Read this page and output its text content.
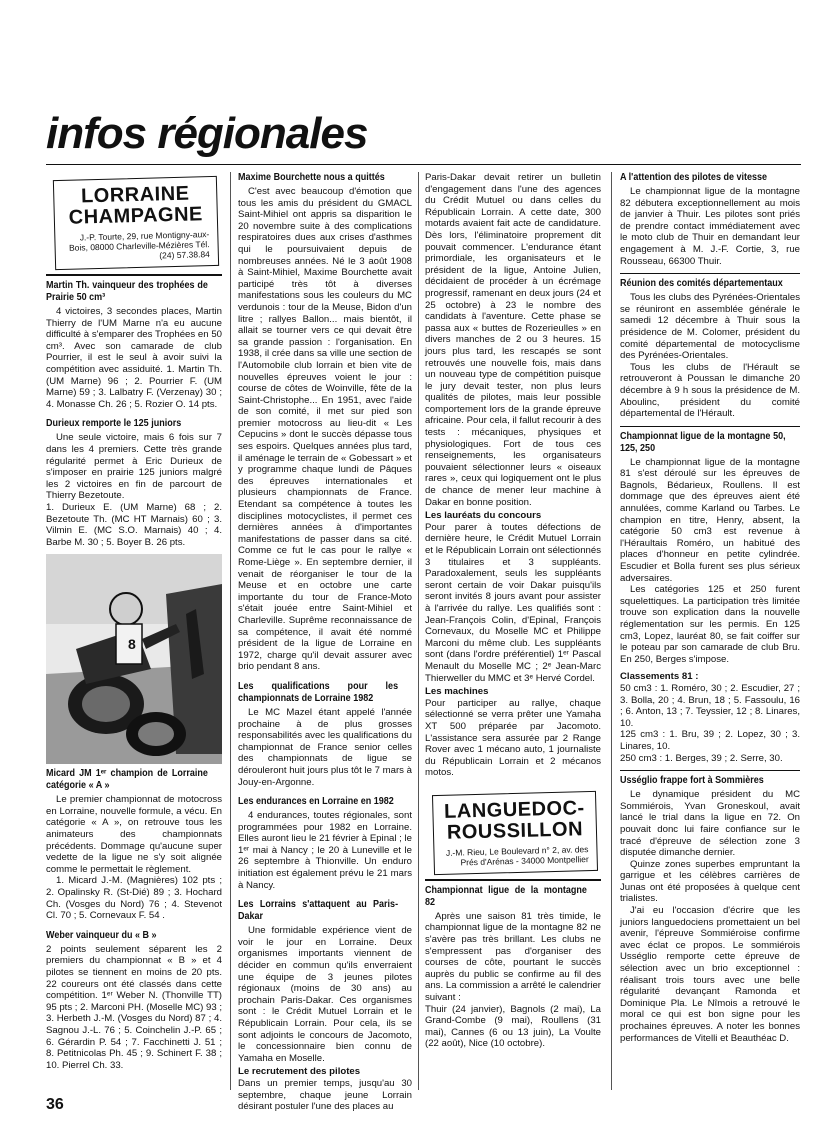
infos régionales
LORRAINE
CHAMPAGNE
J.-P. Tourte, 29, rue Montigny-aux-Bois, 08000 Charleville-Mézières Tél. (24) 57.38.84
Martin Th. vainqueur des trophées de Prairie 50 cm³

4 victoires, 3 secondes places, Martin Thierry de l'UM Marne n'a eu aucune difficulté à s'emparer des Trophées en 50 cm³. Avec son camarade de club Pourrier, il est le seul à avoir suivi la compétition avec assiduité. 1. Martin Th. (UM Marne) 96 ; 2. Pourrier F. (UM Marne) 59 ; 3. Lalbatry F. (Verzenay) 30 ; 4. Monasse Ch. 26 ; 5. Rozier O. 14 pts.

Durieux remporte le 125 juniors

Une seule victoire, mais 6 fois sur 7 dans les 4 premiers. Cette très grande régularité permet à Eric Durieux de s'imposer en prairie 125 juniors malgré les 2 victoires en fin de parcourt de Thierry Bezetoute.

1. Durieux E. (UM Marne) 68 ; 2. Bezetoute Th. (MC HT Marnais) 60 ; 3. Vilmin E. (MC S.O. Marnais) 40 ; 4. Barbe M. 30 ; 5. Boyer B. 26 pts.

8
Micard JM 1ᵉʳ champion de Lorraine catégorie « A »

Le premier championnat de motocross en Lorraine, nouvelle formule, a vécu. En catégorie « A », on retrouve tous les animateurs des championnats précédents. Dommage qu'aucune super vedette de la ligue ne s'y soit alignée comme le permettait le règlement.

1. Micard J.-M. (Magnières) 102 pts ; 2. Opalinsky R. (St-Dié) 89 ; 3. Hochard Ch. (Vosges du Nord) 76 ; 4. Stevenot Cl. 70 ; 5. Cornevaux F. 54 .

Weber vainqueur du « B »

2 points seulement séparent les 2 premiers du championnat « B » et 4 pilotes se tiennent en moins de 20 pts. 22 coureurs ont été classés dans cette compétition. 1ᵉʳ Weber N. (Thonville TT) 95 pts ; 2. Marconi PH. (Moselle MC) 93 ; 3. Herbeth J.-M. (Vosges du Nord) 87 ; 4. Sagnou J.-L. 76 ; 5. Coinchelin J.-P. 65 ; 6. Gérardin P. 54 ; 7. Facchinetti J. 51 ; 8. Petitnicolas Ph. 45 ; 9. Schinert F. 38 ; 10. Pierrel Ch. 33.

Maxime Bourchette nous a quittés

C'est avec beaucoup d'émotion que tous les amis du président du GMACL Saint-Mihiel ont appris sa disparition le 20 novembre suite à des complications respiratoires dues aux crises d'asthmes qui le poursuivaient depuis de nombreuses années. Né le 3 août 1908 à Saint-Mihiel, Maxime Bourchette avait participé très tôt à diverses manifestations sous les couleurs du MC verdunois : tour de la Meuse, Bidon d'un litre ; rallyes Ballon... mais bientôt, il allait se tourner vers ce qui devait être sa grande passion : l'organisation. En 1938, il crée dans sa ville une section de l'Automobile club lorrain et bien vite de nouvelles épreuves voient le jour : course de côtes de Woinville, fête de la Saint-Christophe... En 1951, avec l'aide de son comité, il met sur pied son premier motocross au lieu-dit « Les Cepucins » dont le succès dépasse tous ses espoirs. Quelques années plus tard, il aménage le terrain de « Gobessart » et y programme chaque lundi de Pâques des épreuves internationales et plusieurs championnats de France. Etendant sa compétence à toutes les disciplines motocyclistes, il permet ces dernières années à d'importantes manifestations de passer dans sa cité. Comme ce fut le cas pour le rallye « Rome-Liège ». En septembre dernier, il venait de réorganiser le tour de la Meuse et en octobre une carte importante du tour de France-Moto s'était jouée entre Saint-Mihiel et Charleville. Suprême reconnaissance de sa compétence, il avait été nommé président de la ligue de Lorraine en 1972, charge qu'il devait assurer avec brio pendant 8 ans.

Les qualifications pour les championnats de Lorraine 1982

Le MC Mazel étant appelé l'année prochaine à de plus grosses responsabilités avec les qualifications du championnat de France senior celles des championnats de ligue se dérouleront huit jours plus tôt le 7 mars à Jouy-en-Argonne.

Les endurances en Lorraine en 1982

4 endurances, toutes régionales, sont programmées pour 1982 en Lorraine. Elles auront lieu le 21 février à Epinal ; le 1ᵉʳ mai à Nancy ; le 20 à Luneville et le 26 septembre à Thionville. Un enduro initiation est également prévu le 21 mars à Nancy.

Les Lorrains s'attaquent au Paris-Dakar

Une formidable expérience vient de voir le jour en Lorraine. Deux organismes importants viennent de décider en commun qu'ils enverraient une équipe de 3 jeunes pilotes régionaux (moins de 30 ans) au prochain Paris-Dakar. Ces organismes sont : le Crédit Mutuel Lorrain et le Républicain Lorrain. Pour cela, ils se sont adjoints le concours de Jacomoto, le concessionnaire bien connu de Yamaha en Moselle.

Le recrutement des pilotes

Dans un premier temps, jusqu'au 30 septembre, chaque jeune Lorrain désirant postuler l'une des places au

Paris-Dakar devait retirer un bulletin d'engagement dans l'une des agences du Crédit Mutuel ou dans celles du Républicain Lorrain. A cette date, 300 motards avaient fait acte de candidature. Dès lors, l'éliminatoire proprement dit pouvait commencer. L'endurance étant primordiale, les organisateurs et le président de la ligue, Antoine Julien, décidaient de procéder à un écrémage progressif, ramenant en deux jours (24 et 25 octobre) à 23 le nombre des candidats à l'aventure. Cette phase se passa aux « buttes de Rozerieulles » en divers manches de 2 ou 3 heures. 15 jours plus tard, les rescapés se sont retrouvés une nouvelle fois, mais dans un nouveau type de compétition puisque le jury devait tester, non plus leurs qualités de pilotes, mais leur possible comportement lors de la grande épreuve africaine. Pour cela, il fallut recourir à des tests : mécaniques, physiques et physiologiques. Fort de tous ces renseignements, les organisateurs pouvaient sélectionner leurs « oiseaux rares », ceux qui logiquement ont le plus de chance de mener leur machine à Dakar en bonne position.

Les lauréats du concours

Pour parer à toutes défections de dernière heure, le Crédit Mutuel Lorrain et le Républicain Lorrain ont sélectionnés 3 titulaires et 3 suppléants. Paradoxalement, seuls les suppléants seront certain de voir Dakar puisqu'ils seront invités 8 jours avant pour assister à l'arrivée du rallye. Les qualifiés sont : Jean-François Colin, d'Epinal, François Cornevaux, du Moselle MC et Philippe Marconi du même club. Les suppléants sont (dans l'ordre préférentiel) 1ᵉʳ Pascal Menault du Moselle MC ; 2ᵉ Jean-Marc Thierweller du MMC et 3ᵉ Hervé Cordel.

Les machines

Pour participer au rallye, chaque sélectionné se verra prêter une Yamaha XT 500 préparée par Jacomoto. L'assistance sera assurée par 2 Range Rover avec 1 mécano auto, 1 journaliste du Républicain Lorrain et 2 mécanos motos.

LANGUEDOC-
ROUSSILLON
J.-M. Rieu, Le Boulevard n° 2, av. des Prés d'Arénas - 34000 Montpellier
Championnat ligue de la montagne 82

Après une saison 81 très timide, le championnat ligue de la montagne 82 ne s'avère pas très brillant. Les clubs ne s'empressent pas d'organiser des courses de côte, pourtant le succès auprès du public se confirme au fil des ans. La commission a arrêté le calendrier suivant :

Thuir (24 janvier), Bagnols (2 mai), La Grand-Combe (9 mai), Roullens (31 mai), Cannes (6 ou 13 juin), La Voulte (22 août), Nice (10 octobre).

A l'attention des pilotes de vitesse

Le championnat ligue de la montagne 82 débutera exceptionnellement au mois de janvier à Thuir. Les pilotes sont priés de prendre contact immédiatement avec le moto club de Thuir en demandant leur engagement à M. J.-F. Cortie, 3, rue Rousseau, 66300 Thuir.

Réunion des comités départementaux

Tous les clubs des Pyrénées-Orientales se réuniront en assemblée générale le samedi 12 décembre à Thuir sous la présidence de M. Colomer, président du comité départemental de motocyclisme des Pyrénées-Orientales.

Tous les clubs de l'Hérault se retrouveront à Poussan le dimanche 20 décembre à 9 h sous la présidence de M. Aboulinc, président du comité départemental de l'Hérault.

Championnat ligue de la montagne 50, 125, 250

Le championnat ligue de la montagne 81 s'est déroulé sur les épreuves de Bagnols, Bédarieux, Roullens. Il est dommage que des épreuves aient été annulées, comme Karland ou Tarbes. Le champion en titre, Henry, absent, la catégorie 50 cm3 est revenue à l'Héraultais Roméro, un habitué des places d'honneur en petite cylindrée. Escudier et Bolla furent ses plus sérieux adversaires.

Les catégories 125 et 250 furent squelettiques. La participation très limitée trouve son explication dans la nouvelle réglementation sur les permis. En 125 cm3, Lopez, lauréat 80, se fait coiffer sur le poteau par son camarade de club Bru. En 250, Berges s'impose.

Classements 81 :

50 cm3 : 1. Roméro, 30 ; 2. Escudier, 27 ; 3. Bolla, 20 ; 4. Brun, 18 ; 5. Fassoulu, 16 ; 6. Anton, 13 ; 7. Teyssier, 12 ; 8. Linares, 10.

125 cm3 : 1. Bru, 39 ; 2. Lopez, 30 ; 3. Linares, 10.

250 cm3 : 1. Berges, 39 ; 2. Serre, 30.

Usséglio frappe fort à Sommières

Le dynamique président du MC Sommiérois, Yvan Groneskoul, avait lancé le trial dans la ligue en 72. On pouvait donc lui faire confiance sur le tracé d'épreuve de sélection zone 3 disputée dimanche dernier.

Quinze zones superbes empruntant la garrigue et les célèbres carrières de Junas ont été proposées à quelque cent trialistes.

J'ai eu l'occasion d'écrire que les juniors languedociens promettaient un bel avenir, l'épreuve Sommiéroise confirme avec éclat ce propos. Le sommiérois Usséglio remporte cette épreuve de sélection avec un brio exceptionnel : réalisant trois tours avec une belle régularité devançant Ramonda et Dominique Pla. Le Nîmois a retrouvé le moral ce qui est bon signe pour les prochaines épreuves. A noter les bonnes performances de Vitelli et Beauthéac D.

36
